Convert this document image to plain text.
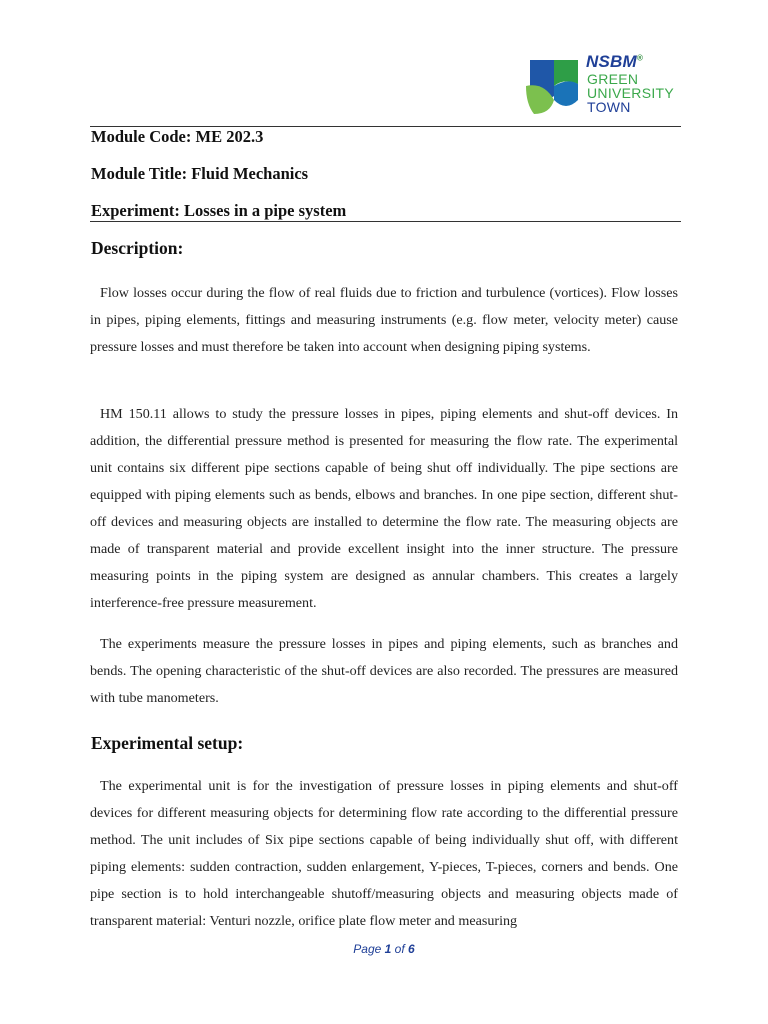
NSBM®
GREEN
UNIVERSITY
TOWN
Module Code: ME 202.3
Module Title: Fluid Mechanics
Experiment: Losses in a pipe system
Description:

Flow losses occur during the flow of real fluids due to friction and turbulence (vortices). Flow losses in pipes, piping elements, fittings and measuring instruments (e.g. flow meter, velocity meter) cause pressure losses and must therefore be taken into account when designing piping systems.

HM 150.11 allows to study the pressure losses in pipes, piping elements and shut-off devices. In addition, the differential pressure method is presented for measuring the flow rate. The experimental unit contains six different pipe sections capable of being shut off individually. The pipe sections are equipped with piping elements such as bends, elbows and branches. In one pipe section, different shut-off devices and measuring objects are installed to determine the flow rate. The measuring objects are made of transparent material and provide excellent insight into the inner structure. The pressure measuring points in the piping system are designed as annular chambers. This creates a largely interference-free pressure measurement.

The experiments measure the pressure losses in pipes and piping elements, such as branches and bends. The opening characteristic of the shut-off devices are also recorded. The pressures are measured with tube manometers.

Experimental setup:

The experimental unit is for the investigation of pressure losses in piping elements and shut-off devices for different measuring objects for determining flow rate according to the differential pressure method. The unit includes of Six pipe sections capable of being individually shut off, with different piping elements: sudden contraction, sudden enlargement, Y-pieces, T-pieces, corners and bends. One pipe section is to hold interchangeable shutoff/measuring objects and measuring objects made of transparent material: Venturi nozzle, orifice plate flow meter and measuring

Page 1 of 6
